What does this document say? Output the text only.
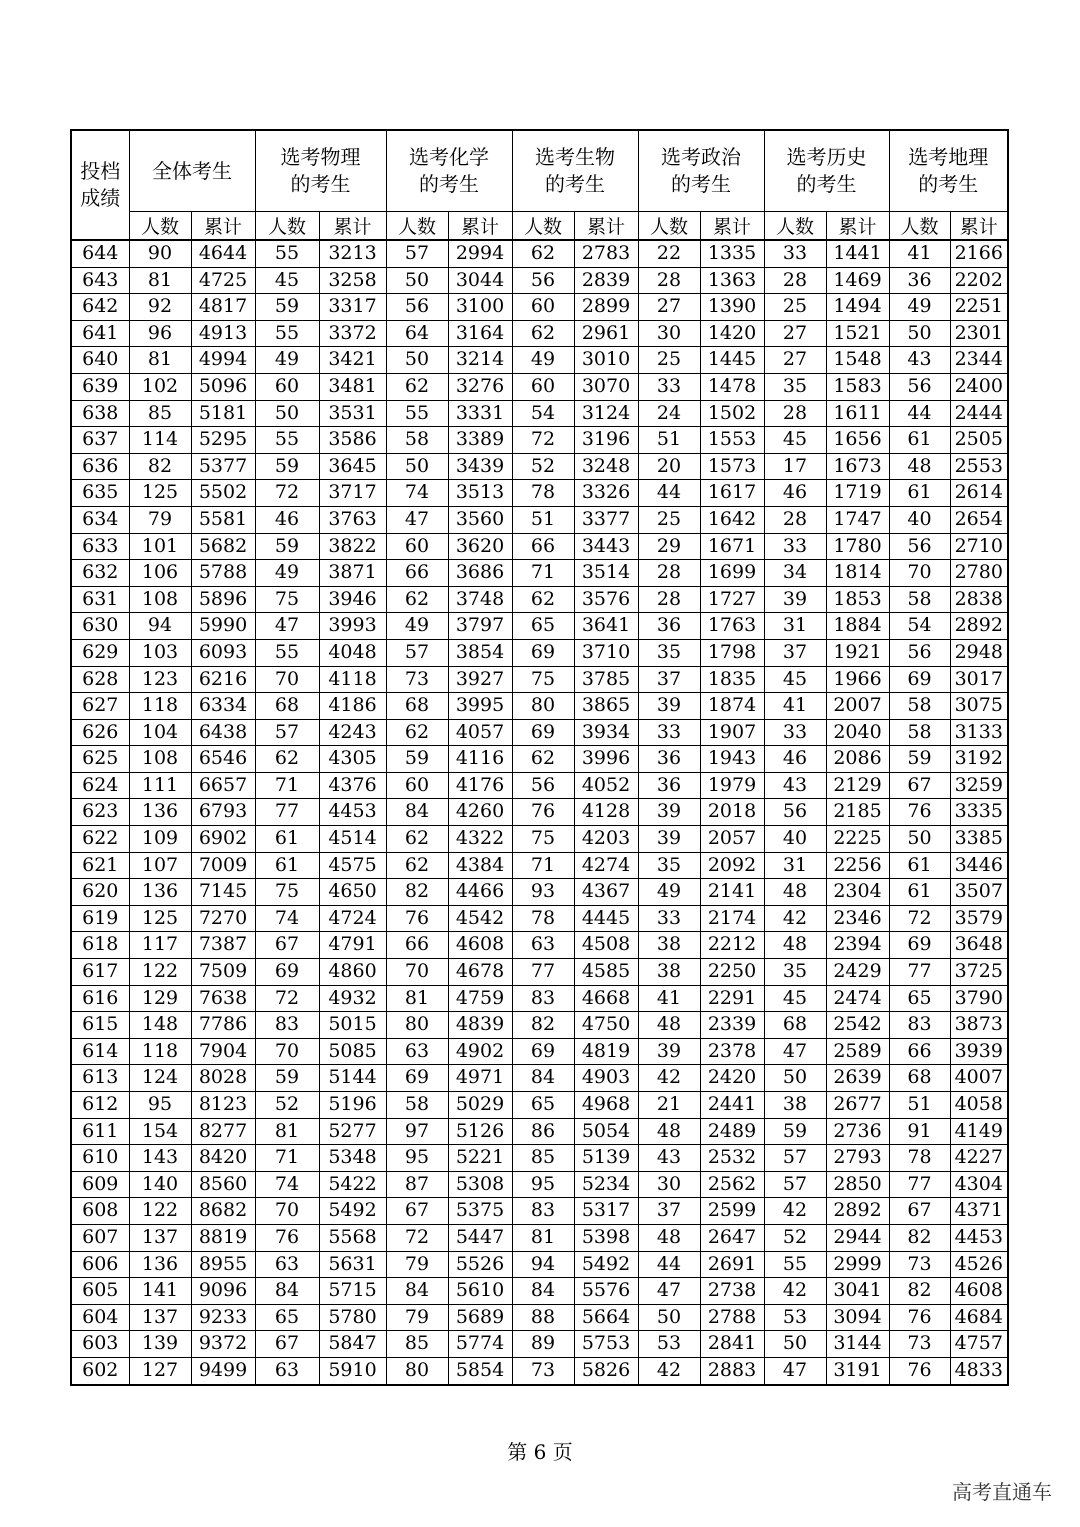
投档成绩	全体考生		选考物理的考生		选考化学的考生		选考生物的考生		选考政治的考生		选考历史的考生		选考地理的考生	
	人数	累计	人数	累计	人数	累计	人数	累计	人数	累计	人数	累计	人数	累计
644	90	4644	55	3213	57	2994	62	2783	22	1335	33	1441	41	2166
643	81	4725	45	3258	50	3044	56	2839	28	1363	28	1469	36	2202
642	92	4817	59	3317	56	3100	60	2899	27	1390	25	1494	49	2251
641	96	4913	55	3372	64	3164	62	2961	30	1420	27	1521	50	2301
640	81	4994	49	3421	50	3214	49	3010	25	1445	27	1548	43	2344
639	102	5096	60	3481	62	3276	60	3070	33	1478	35	1583	56	2400
638	85	5181	50	3531	55	3331	54	3124	24	1502	28	1611	44	2444
637	114	5295	55	3586	58	3389	72	3196	51	1553	45	1656	61	2505
636	82	5377	59	3645	50	3439	52	3248	20	1573	17	1673	48	2553
635	125	5502	72	3717	74	3513	78	3326	44	1617	46	1719	61	2614
634	79	5581	46	3763	47	3560	51	3377	25	1642	28	1747	40	2654
633	101	5682	59	3822	60	3620	66	3443	29	1671	33	1780	56	2710
632	106	5788	49	3871	66	3686	71	3514	28	1699	34	1814	70	2780
631	108	5896	75	3946	62	3748	62	3576	28	1727	39	1853	58	2838
630	94	5990	47	3993	49	3797	65	3641	36	1763	31	1884	54	2892
629	103	6093	55	4048	57	3854	69	3710	35	1798	37	1921	56	2948
628	123	6216	70	4118	73	3927	75	3785	37	1835	45	1966	69	3017
627	118	6334	68	4186	68	3995	80	3865	39	1874	41	2007	58	3075
626	104	6438	57	4243	62	4057	69	3934	33	1907	33	2040	58	3133
625	108	6546	62	4305	59	4116	62	3996	36	1943	46	2086	59	3192
624	111	6657	71	4376	60	4176	56	4052	36	1979	43	2129	67	3259
623	136	6793	77	4453	84	4260	76	4128	39	2018	56	2185	76	3335
622	109	6902	61	4514	62	4322	75	4203	39	2057	40	2225	50	3385
621	107	7009	61	4575	62	4384	71	4274	35	2092	31	2256	61	3446
620	136	7145	75	4650	82	4466	93	4367	49	2141	48	2304	61	3507
619	125	7270	74	4724	76	4542	78	4445	33	2174	42	2346	72	3579
618	117	7387	67	4791	66	4608	63	4508	38	2212	48	2394	69	3648
617	122	7509	69	4860	70	4678	77	4585	38	2250	35	2429	77	3725
616	129	7638	72	4932	81	4759	83	4668	41	2291	45	2474	65	3790
615	148	7786	83	5015	80	4839	82	4750	48	2339	68	2542	83	3873
614	118	7904	70	5085	63	4902	69	4819	39	2378	47	2589	66	3939
613	124	8028	59	5144	69	4971	84	4903	42	2420	50	2639	68	4007
612	95	8123	52	5196	58	5029	65	4968	21	2441	38	2677	51	4058
611	154	8277	81	5277	97	5126	86	5054	48	2489	59	2736	91	4149
610	143	8420	71	5348	95	5221	85	5139	43	2532	57	2793	78	4227
609	140	8560	74	5422	87	5308	95	5234	30	2562	57	2850	77	4304
608	122	8682	70	5492	67	5375	83	5317	37	2599	42	2892	67	4371
607	137	8819	76	5568	72	5447	81	5398	48	2647	52	2944	82	4453
606	136	8955	63	5631	79	5526	94	5492	44	2691	55	2999	73	4526
605	141	9096	84	5715	84	5610	84	5576	47	2738	42	3041	82	4608
604	137	9233	65	5780	79	5689	88	5664	50	2788	53	3094	76	4684
603	139	9372	67	5847	85	5774	89	5753	53	2841	50	3144	73	4757
602	127	9499	63	5910	80	5854	73	5826	42	2883	47	3191	76	4833
第 6 页
高考直通车
